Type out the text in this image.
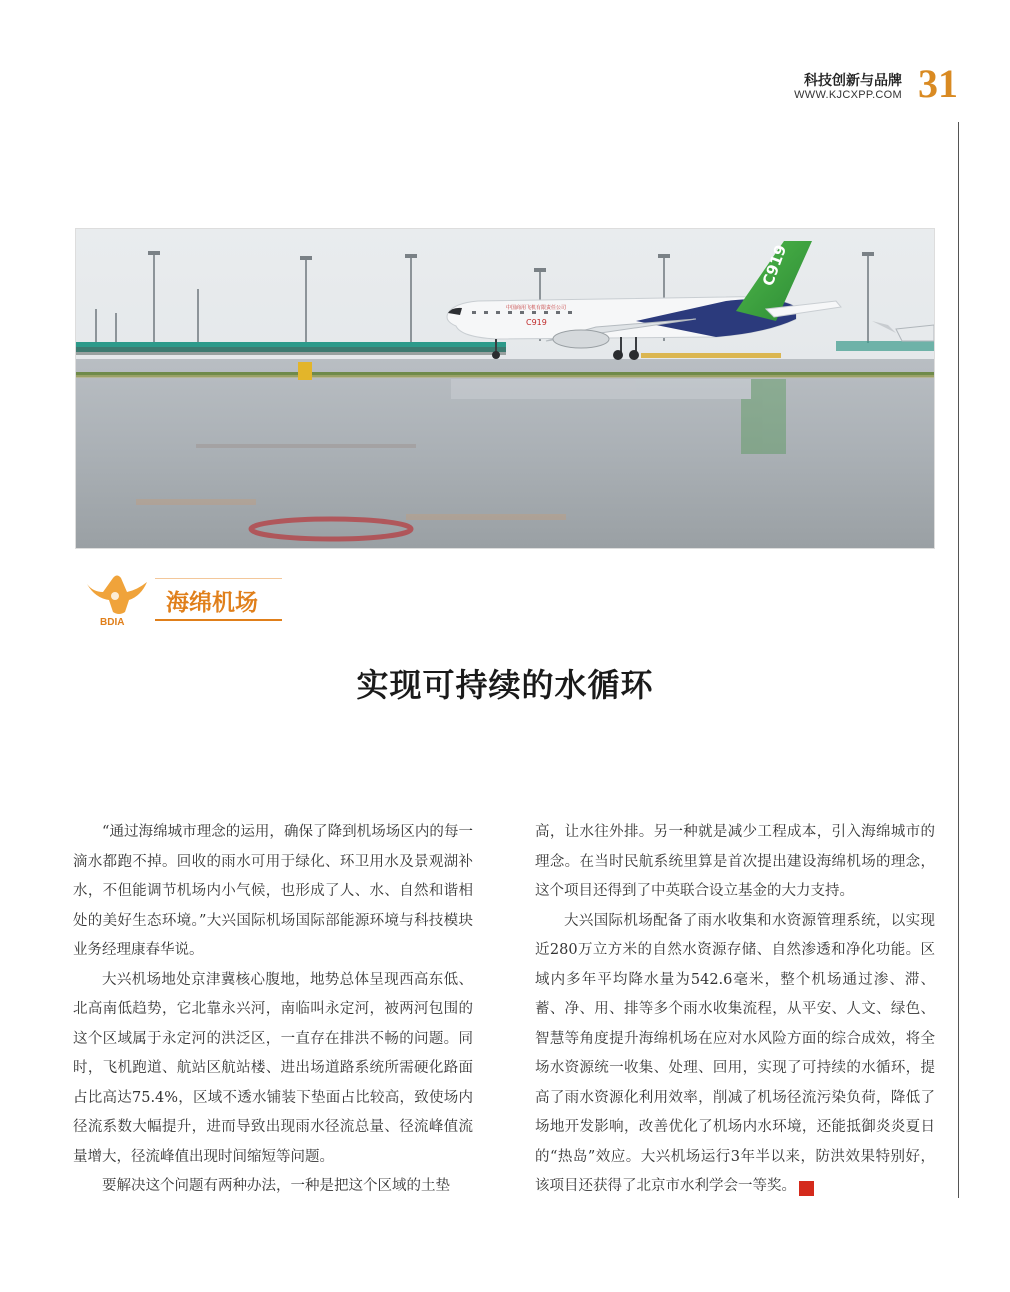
科技创新与品牌
WWW.KJCXPP.COM 31
C919
中国商用飞机有限责任公司
C919
BDIA
海绵机场
实现可持续的水循环

“通过海绵城市理念的运用，确保了降到机场场区内的每一滴水都跑不掉。回收的雨水可用于绿化、环卫用水及景观湖补水，不但能调节机场内小气候，也形成了人、水、自然和谐相处的美好生态环境。”大兴国际机场国际部能源环境与科技模块业务经理康春华说。

大兴机场地处京津冀核心腹地，地势总体呈现西高东低、北高南低趋势，它北靠永兴河，南临叫永定河，被两河包围的这个区域属于永定河的洪泛区，一直存在排洪不畅的问题。同时，飞机跑道、航站区航站楼、进出场道路系统所需硬化路面占比高达75.4%，区域不透水铺装下垫面占比较高，致使场内径流系数大幅提升，进而导致出现雨水径流总量、径流峰值流量增大，径流峰值出现时间缩短等问题。

要解决这个问题有两种办法，一种是把这个区域的土垫

高，让水往外排。另一种就是减少工程成本，引入海绵城市的理念。在当时民航系统里算是首次提出建设海绵机场的理念，这个项目还得到了中英联合设立基金的大力支持。

大兴国际机场配备了雨水收集和水资源管理系统，以实现近280万立方米的自然水资源存储、自然渗透和净化功能。区域内多年平均降水量为542.6毫米，整个机场通过渗、滞、蓄、净、用、排等多个雨水收集流程，从平安、人文、绿色、智慧等角度提升海绵机场在应对水风险方面的综合成效，将全场水资源统一收集、处理、回用，实现了可持续的水循环，提高了雨水资源化利用效率，削减了机场径流污染负荷，降低了场地开发影响，改善优化了机场内水环境，还能抵御炎炎夏日的“热岛”效应。大兴机场运行3年半以来，防洪效果特别好，该项目还获得了北京市水利学会一等奖。	S
